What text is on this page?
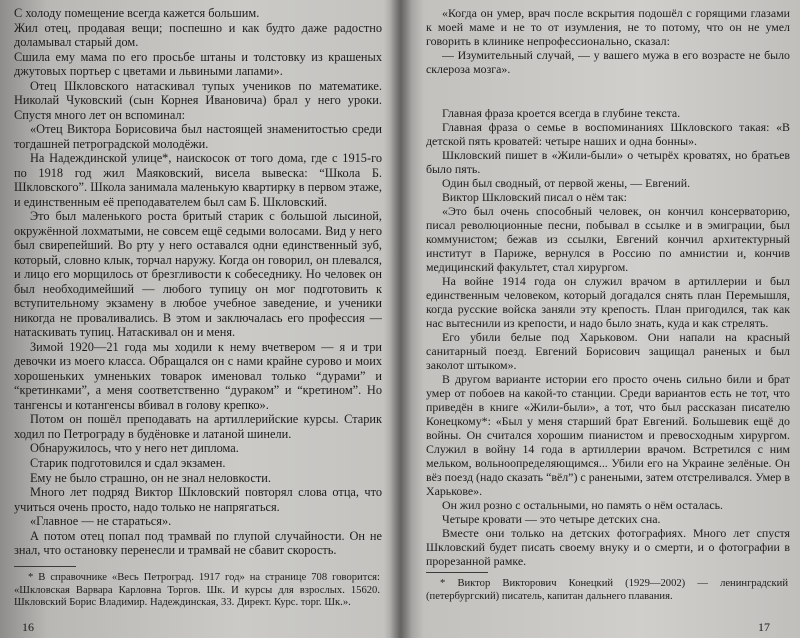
С холоду помещение всегда кажется большим.

Жил отец, продавая вещи; поспешно и как будто даже радостно доламывал старый дом.

Сшила ему мама по его просьбе штаны и толстовку из крашеных джутовых портьер с цветами и львиными лапами».

Отец Шкловского натаскивал тупых учеников по математике. Николай Чуковский (сын Корнея Ивановича) брал у него уроки. Спустя много лет он вспоминал:

«Отец Виктора Борисовича был настоящей знаменитостью среди тогдашней петроградской молодёжи.

На Надеждинской улице*, наискосок от того дома, где с 1915-го по 1918 год жил Маяковский, висела вывеска: “Школа Б. Шкловского”. Школа занимала маленькую квартирку в первом этаже, и единственным её преподавателем был сам Б. Шкловский.

Это был маленького роста бритый старик с большой лысиной, окружённой лохматыми, не совсем ещё седыми волосами. Вид у него был свирепейший. Во рту у него оставался одни единственный зуб, который, словно клык, торчал наружу. Когда он говорил, он плевался, и лицо его морщилось от брезгливости к собеседнику. Но человек он был необходимейший — любого тупицу он мог подготовить к вступительному экзамену в любое учебное заведение, и ученики никогда не проваливались. В этом и заключалась его профессия — натаскивать тупиц. Натаскивал он и меня.

Зимой 1920—21 года мы ходили к нему вчетвером — я и три девочки из моего класса. Обращался он с нами крайне сурово и моих хорошеньких умненьких товарок именовал только “дурами” и “кретинками”, а меня соответственно “дураком” и “кретином”. Но тангенсы и котангенсы вбивал в голову крепко».

Потом он пошёл преподавать на артиллерийские курсы. Старик ходил по Петрограду в будёновке и латаной шинели.

Обнаружилось, что у него нет диплома.

Старик подготовился и сдал экзамен.

Ему не было страшно, он не знал неловкости.

Много лет подряд Виктор Шкловский повторял слова отца, что учиться очень просто, надо только не напрягаться.

«Главное — не стараться».

А потом отец попал под трамвай по глупой случайности. Он не знал, что остановку перенесли и трамвай не сбавит скорость.

* В справочнике «Весь Петроград. 1917 год» на странице 708 говорится: «Шкловская Варвара Карловна Торгов. Шк. И курсы для взрослых. 15620. Шкловский Борис Владимир. Надеждинская, 33. Директ. Курс. торг. Шк.».

16

«Когда он умер, врач после вскрытия подошёл с горящими глазами к моей маме и не то от изумления, не то потому, что он не умел говорить в клинике непрофессионально, сказал:

— Изумительный случай, — у вашего мужа в его возрасте не было склероза мозга».

Главная фраза кроется всегда в глубине текста.

Главная фраза о семье в воспоминаниях Шкловского такая: «В детской пять кроватей: четыре наших и одна бонны».

Шкловский пишет в «Жили-были» о четырёх кроватях, но братьев было пять.

Один был сводный, от первой жены, — Евгений.

Виктор Шкловский писал о нём так:

«Это был очень способный человек, он кончил консерваторию, писал революционные песни, побывал в ссылке и в эмиграции, был коммунистом; бежав из ссылки, Евгений кончил архитектурный институт в Париже, вернулся в Россию по амнистии и, кончив медицинский факультет, стал хирургом.

На войне 1914 года он служил врачом в артиллерии и был единственным человеком, который догадался снять план Перемышля, когда русские войска заняли эту крепость. План пригодился, так как нас вытеснили из крепости, и надо было знать, куда и как стрелять.

Его убили белые под Харьковом. Они напали на красный санитарный поезд. Евгений Борисович защищал раненых и был заколот штыком».

В другом варианте истории его просто очень сильно били и брат умер от побоев на какой-то станции. Среди вариантов есть не тот, что приведён в книге «Жили-были», а тот, что был рассказан писателю Конецкому*: «Был у меня старший брат Евгений. Большевик ещё до войны. Он считался хорошим пианистом и превосходным хирургом. Служил в войну 14 года в артиллерии врачом. Встретился с ним мельком, вольноопределяющимся... Убили его на Украине зелёные. Он вёз поезд (надо сказать “вёл”) с ранеными, затем отстреливался. Умер в Харькове».

Он жил розно с остальными, но память о нём осталась.

Четыре кровати — это четыре детских сна.

Вместе они только на детских фотографиях. Много лет спустя Шкловский будет писать своему внуку и о смерти, и о фотографии в прорезанной рамке.

* Виктор Викторович Конецкий (1929—2002) — ленинградский (петербургский) писатель, капитан дальнего плавания.

17
